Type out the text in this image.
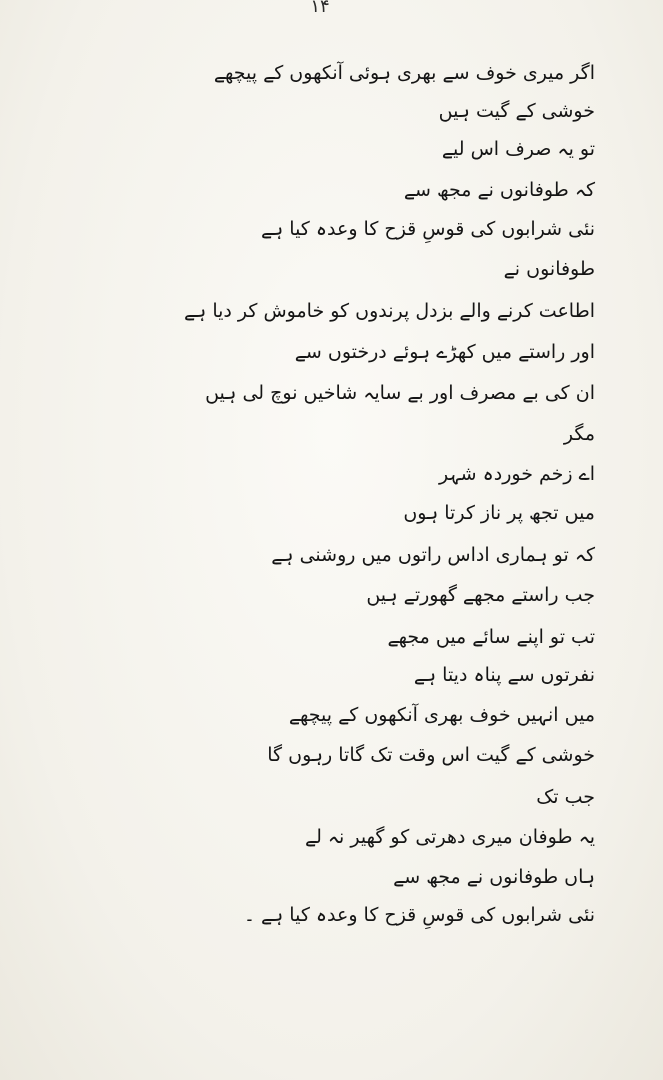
۱۴
اگر میری خوف سے بھری ہوئی آنکھوں کے پیچھے
خوشی کے گیت ہیں
تو یہ صرف اس لیے
کہ طوفانوں نے مجھ سے
نئی شرابوں کی قوسِ قزح کا وعدہ کیا ہے
طوفانوں نے
اطاعت کرنے والے بزدل پرندوں کو خاموش کر دیا ہے
اور راستے میں کھڑے ہوئے درختوں سے
ان کی بے مصرف اور بے سایہ شاخیں نوچ لی ہیں
مگر
اے زخم خوردہ شہر
میں تجھ پر ناز کرتا ہوں
کہ تو ہماری اداس راتوں میں روشنی ہے
جب راستے مجھے گھورتے ہیں
تب تو اپنے سائے میں مجھے
نفرتوں سے پناہ دیتا ہے
میں انہیں خوف بھری آنکھوں کے پیچھے
خوشی کے گیت اس وقت تک گاتا رہوں گا
جب تک
یہ طوفان میری دھرتی کو گھیر نہ لے
ہاں طوفانوں نے مجھ سے
نئی شرابوں کی قوسِ قزح کا وعدہ کیا ہے ۔
